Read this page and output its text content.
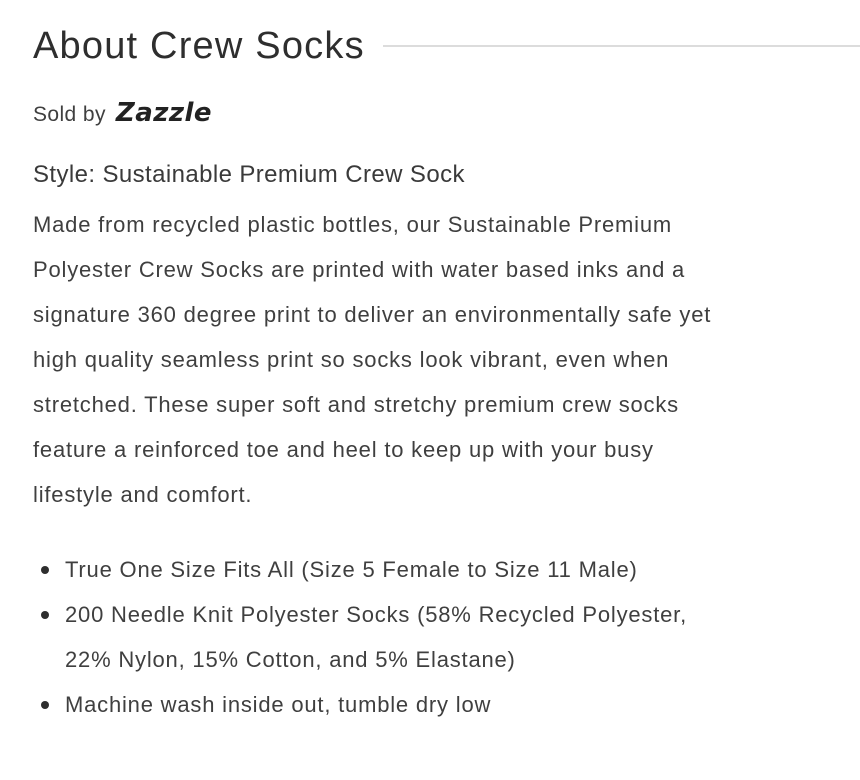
About Crew Socks
Sold by Zazzle
Style: Sustainable Premium Crew Sock
Made from recycled plastic bottles, our Sustainable Premium
Polyester Crew Socks are printed with water based inks and a
signature 360 degree print to deliver an environmentally safe yet
high quality seamless print so socks look vibrant, even when
stretched. These super soft and stretchy premium crew socks
feature a reinforced toe and heel to keep up with your busy
lifestyle and comfort.
True One Size Fits All (Size 5 Female to Size 11 Male)
200 Needle Knit Polyester Socks (58% Recycled Polyester,
22% Nylon, 15% Cotton, and 5% Elastane)
Machine wash inside out, tumble dry low
